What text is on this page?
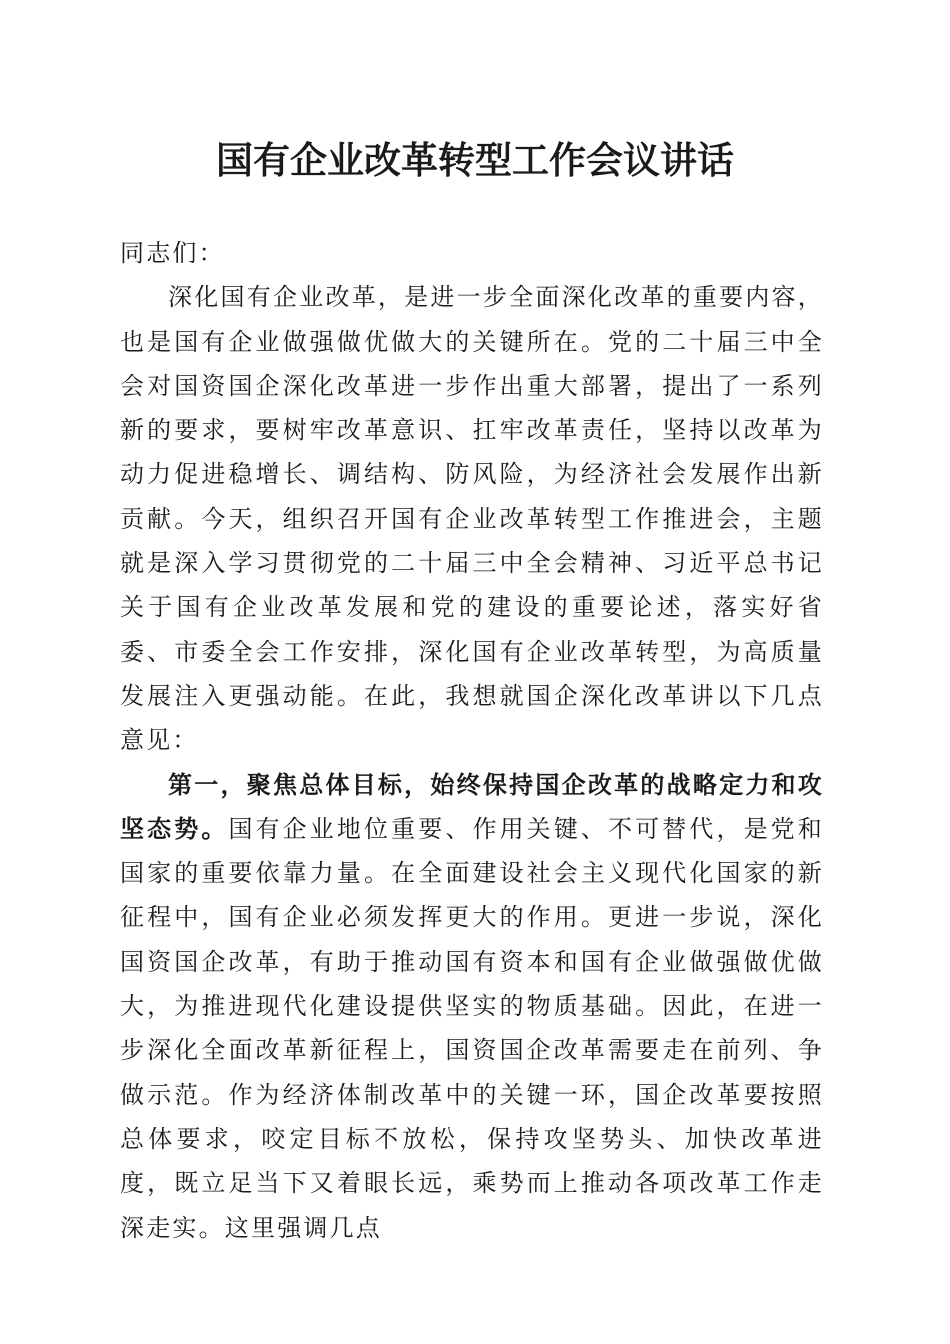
国有企业改革转型工作会议讲话

同志们：

深化国有企业改革，是进一步全面深化改革的重要内容，也是国有企业做强做优做大的关键所在。党的二十届三中全会对国资国企深化改革进一步作出重大部署，提出了一系列新的要求，要树牢改革意识、扛牢改革责任，坚持以改革为动力促进稳增长、调结构、防风险，为经济社会发展作出新贡献。今天，组织召开国有企业改革转型工作推进会，主题就是深入学习贯彻党的二十届三中全会精神、习近平总书记关于国有企业改革发展和党的建设的重要论述，落实好省委、市委全会工作安排，深化国有企业改革转型，为高质量发展注入更强动能。在此，我想就国企深化改革讲以下几点意见：

第一，聚焦总体目标，始终保持国企改革的战略定力和攻坚态势。国有企业地位重要、作用关键、不可替代，是党和国家的重要依靠力量。在全面建设社会主义现代化国家的新征程中，国有企业必须发挥更大的作用。更进一步说，深化国资国企改革，有助于推动国有资本和国有企业做强做优做大，为推进现代化建设提供坚实的物质基础。因此，在进一步深化全面改革新征程上，国资国企改革需要走在前列、争做示范。作为经济体制改革中的关键一环，国企改革要按照总体要求，咬定目标不放松，保持攻坚势头、加快改革进度，既立足当下又着眼长远，乘势而上推动各项改革工作走深走实。这里强调几点
